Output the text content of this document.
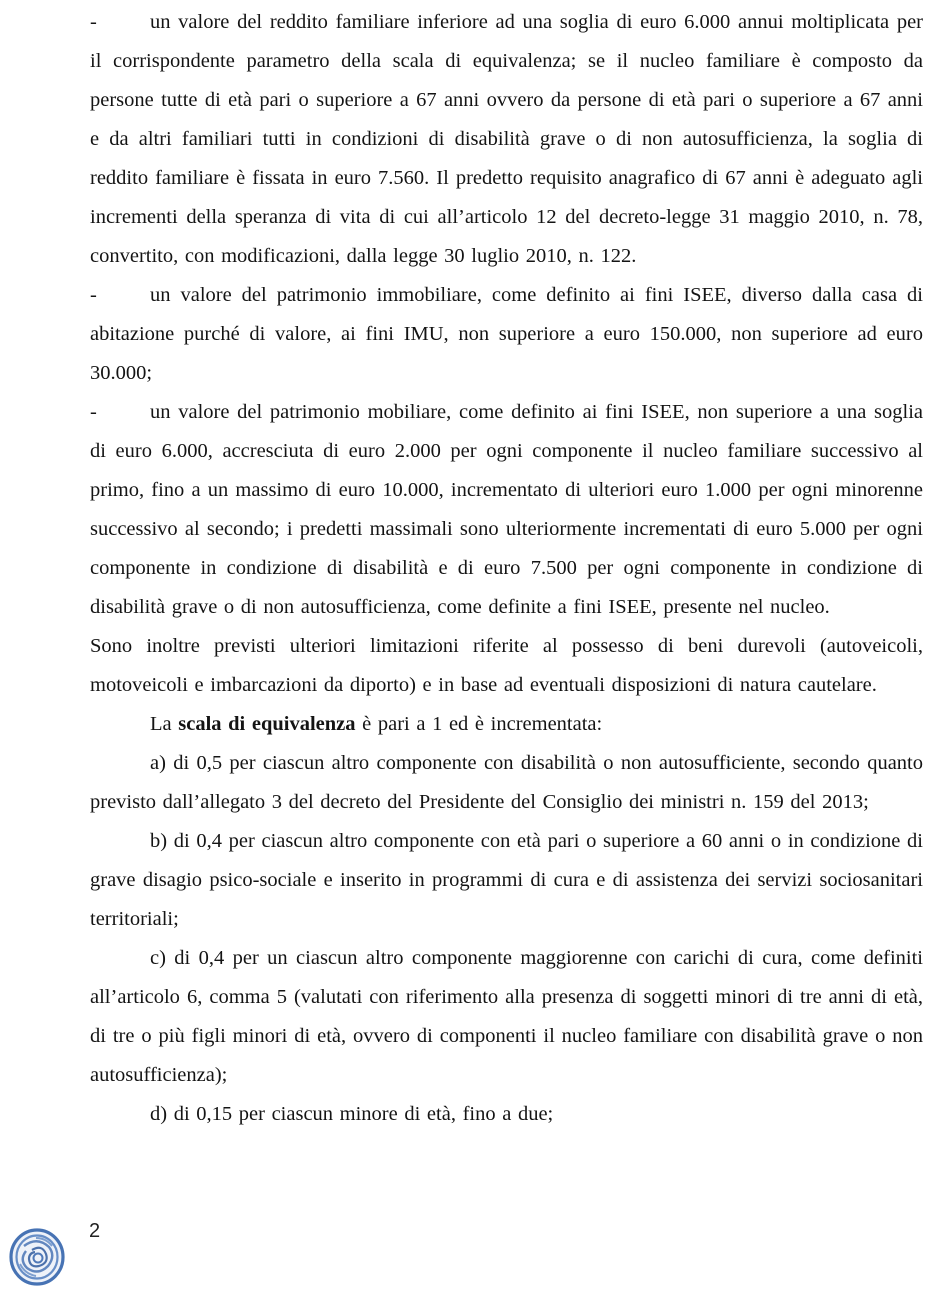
-	un valore del reddito familiare inferiore ad una soglia di euro 6.000 annui moltiplicata per il corrispondente parametro della scala di equivalenza; se il nucleo familiare è composto da persone tutte di età pari o superiore a 67 anni ovvero da persone di età pari o superiore a 67 anni e da altri familiari tutti in condizioni di disabilità grave o di non autosufficienza, la soglia di reddito familiare è fissata in euro 7.560. Il predetto requisito anagrafico di 67 anni è adeguato agli incrementi della speranza di vita di cui all’articolo 12 del decreto-legge 31 maggio 2010, n. 78, convertito, con modificazioni, dalla legge 30 luglio 2010, n. 122.

-	un valore del patrimonio immobiliare, come definito ai fini ISEE, diverso dalla casa di abitazione purché di valore, ai fini IMU, non superiore a euro 150.000, non superiore ad euro 30.000;

-	un valore del patrimonio mobiliare, come definito ai fini ISEE, non superiore a una soglia di euro 6.000, accresciuta di euro 2.000 per ogni componente il nucleo familiare successivo al primo, fino a un massimo di euro 10.000, incrementato di ulteriori euro 1.000 per ogni minorenne successivo al secondo; i predetti massimali sono ulteriormente incrementati di euro 5.000 per ogni componente in condizione di disabilità e di euro 7.500 per ogni componente in condizione di disabilità grave o di non autosufficienza, come definite a fini ISEE, presente nel nucleo.

Sono inoltre previsti ulteriori limitazioni riferite al possesso di beni durevoli (autoveicoli, motoveicoli e imbarcazioni da diporto) e in base ad eventuali disposizioni di natura cautelare.

La scala di equivalenza è pari a 1 ed è incrementata:

a) di 0,5 per ciascun altro componente con disabilità o non autosufficiente, secondo quanto previsto dall’allegato 3 del decreto del Presidente del Consiglio dei ministri n. 159 del 2013;

b) di 0,4 per ciascun altro componente con età pari o superiore a 60 anni o in condizione di grave disagio psico-sociale e inserito in programmi di cura e di assistenza dei servizi sociosanitari territoriali;

c) di 0,4 per un ciascun altro componente maggiorenne con carichi di cura, come definiti all’articolo 6, comma 5 (valutati con riferimento alla presenza di soggetti minori di tre anni di età, di tre o più figli minori di età, ovvero di componenti il nucleo familiare con disabilità grave o non autosufficienza);

d) di 0,15 per ciascun minore di età, fino a due;

2
